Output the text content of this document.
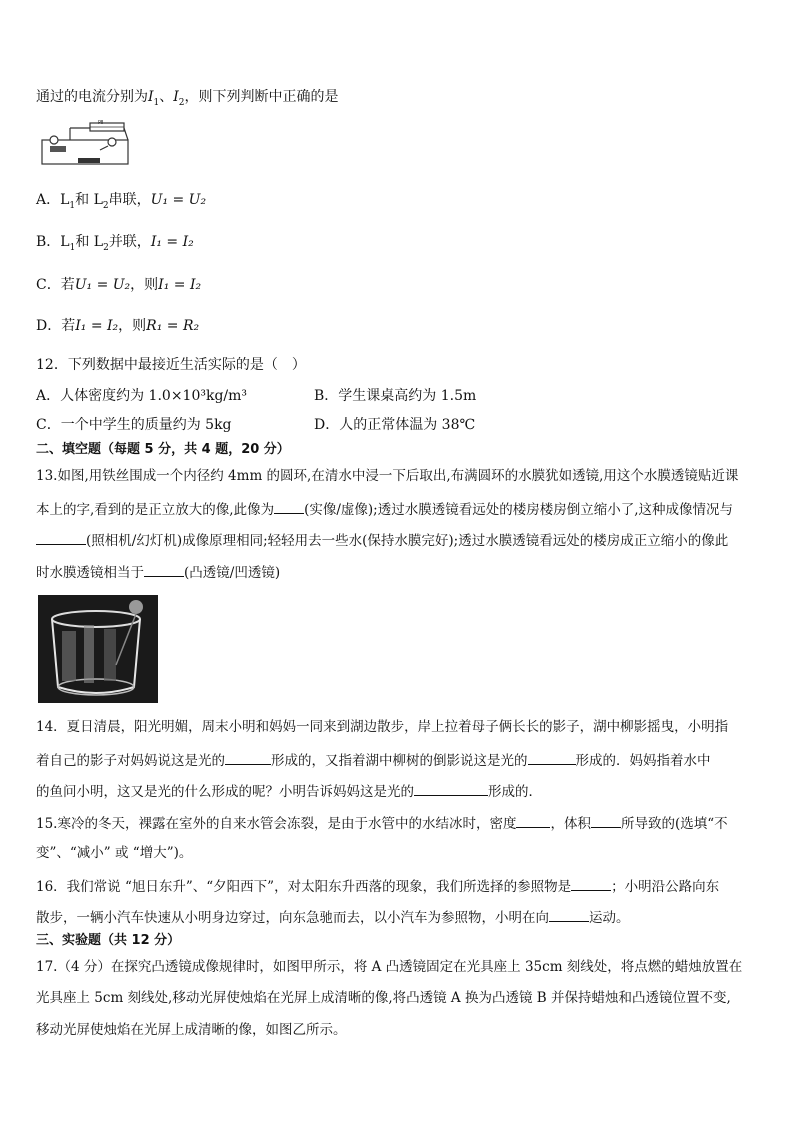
通过的电流分别为$I_1$、$I_2$，则下列判断中正确的是
P
A．$L_1$和 $L_2$串联，U₁ = U₂
B．$L_1$和 $L_2$并联，I₁ = I₂
C．若U₁ = U₂，则I₁ = I₂
D．若I₁ = I₂，则R₁ = R₂
12．下列数据中最接近生活实际的是（　）
A．人体密度约为 1.0×10³kg/m³	B．学生课桌高约为 1.5m
C．一个中学生的质量约为 5kg	D．人的正常体温为 38℃
二、填空题（每题 5 分，共 4 题，20 分）
13.如图,用铁丝围成一个内径约 4mm 的圆环,在清水中浸一下后取出,布满圆环的水膜犹如透镜,用这个水膜透镜贴近课
本上的字,看到的是正立放大的像,此像为 (实像/虚像);透过水膜透镜看远处的楼房楼房倒立缩小了,这种成像情况与
(照相机/幻灯机)成像原理相同;轻轻用去一些水(保持水膜完好);透过水膜透镜看远处的楼房成正立缩小的像此
时水膜透镜相当于	(凸透镜/凹透镜)
14．夏日清晨，阳光明媚，周末小明和妈妈一同来到湖边散步，岸上拉着母子俩长长的影子，湖中柳影摇曳，小明指
着自己的影子对妈妈说这是光的	形成的，又指着湖中柳树的倒影说这是光的	形成的．妈妈指着水中
的鱼问小明，这又是光的什么形成的呢？小明告诉妈妈这是光的	形成的．
15.寒冷的冬天，裸露在室外的自来水管会冻裂，是由于水管中的水结冰时，密度	，体积 所导致的(选填“不
变”、“减小” 或 “增大”)。
16．我们常说 “旭日东升”、“夕阳西下”，对太阳东升西落的现象，我们所选择的参照物是	；小明沿公路向东
散步，一辆小汽车快速从小明身边穿过，向东急驰而去，以小汽车为参照物，小明在向	运动。
三、实验题（共 12 分）
17.（4 分）在探究凸透镜成像规律时，如图甲所示，将 A 凸透镜固定在光具座上 35cm 刻线处，将点燃的蜡烛放置在
光具座上 5cm 刻线处,移动光屏使烛焰在光屏上成清晰的像,将凸透镜 A 换为凸透镜 B 并保持蜡烛和凸透镜位置不变,
移动光屏使烛焰在光屏上成清晰的像，如图乙所示。
